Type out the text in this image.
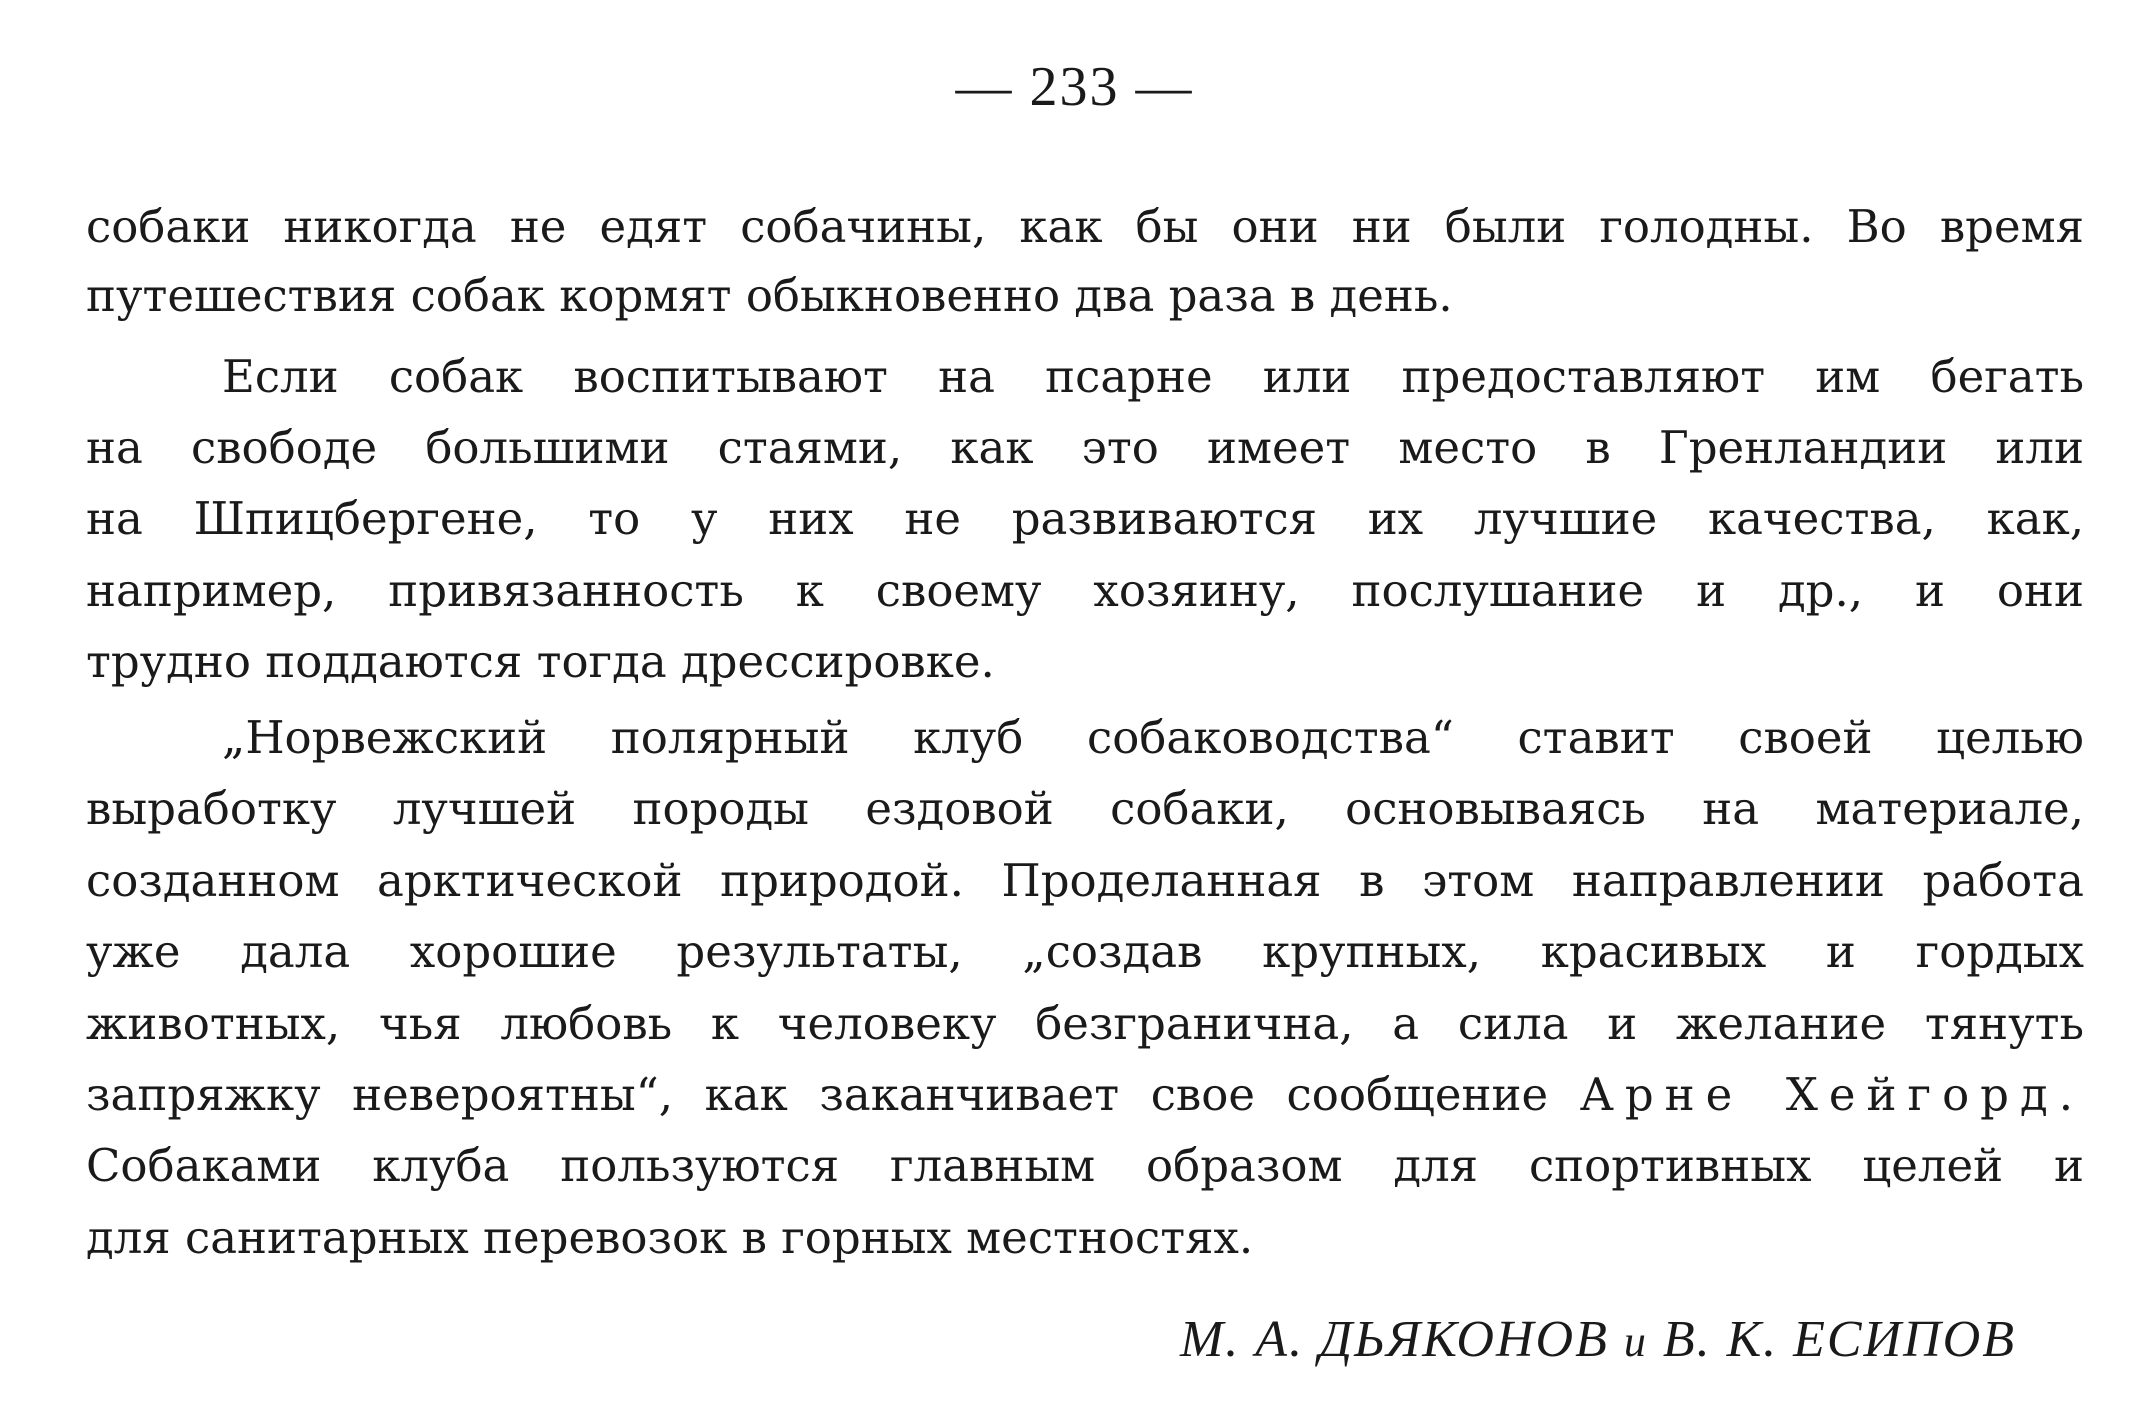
— 233 —
собаки никогда не едят собачины, как бы они ни были голодны. Во время
путешествия собак кормят обыкновенно два раза в день.
Если собак воспитывают на псарне или предоставляют им бегать
на свободе большими стаями, как это имеет место в Гренландии или
на Шпицбергене, то у них не развиваются их лучшие качества, как,
например, привязанность к своему хозяину, послушание и др., и они
трудно поддаются тогда дрессировке.
„Норвежский полярный клуб собаководства“ ставит своей целью
выработку лучшей породы ездовой собаки, основываясь на материале,
созданном арктической природой. Проделанная в этом направлении работа
уже дала хорошие результаты, „создав крупных, красивых и гордых
животных, чья любовь к человеку безгранична, а сила и желание тянуть
запряжку невероятны“, как заканчивает свое сообщение Арне Хейгорд.
Собаками клуба пользуются главным образом для спортивных целей и
для санитарных перевозок в горных местностях.
М. А. ДЬЯКОНОВ и В. К. ЕСИПОВ
